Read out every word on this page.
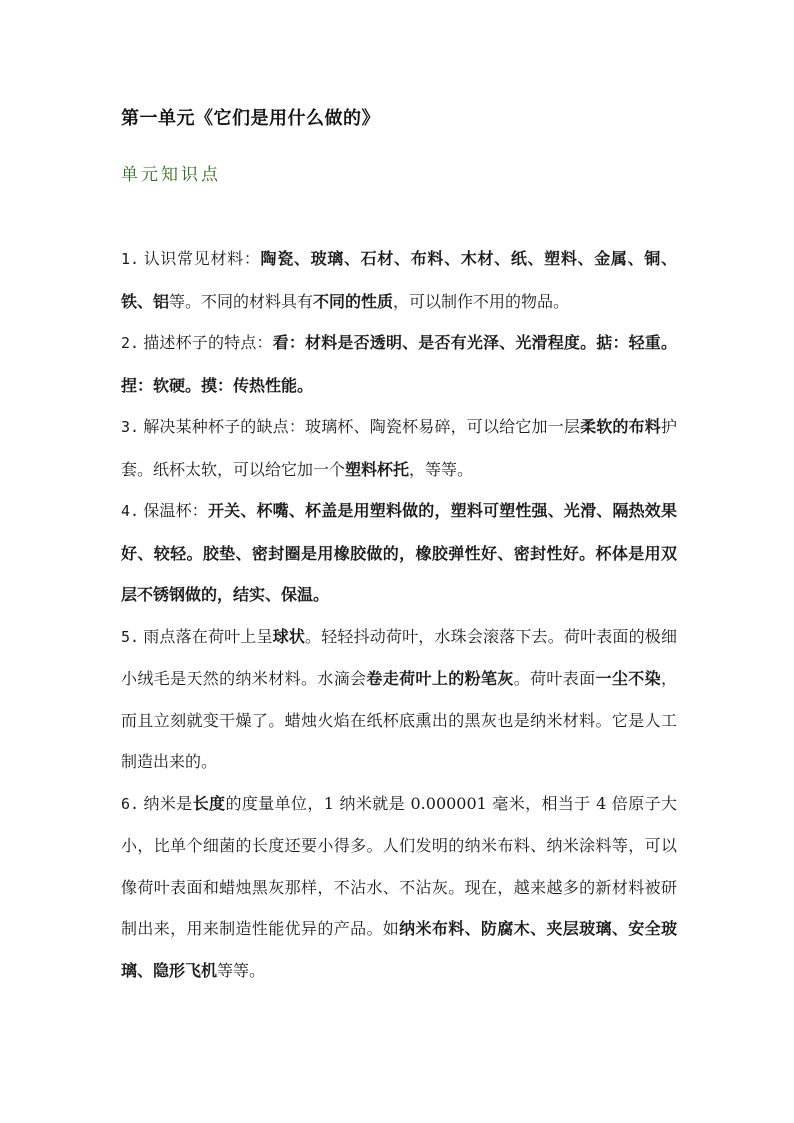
第一单元《它们是用什么做的》
单元知识点

1. 认识常见材料：陶瓷、玻璃、石材、布料、木材、纸、塑料、金属、铜、铁、铝等。不同的材料具有不同的性质，可以制作不用的物品。

2. 描述杯子的特点：看：材料是否透明、是否有光泽、光滑程度。掂：轻重。捏：软硬。摸：传热性能。

3. 解决某种杯子的缺点：玻璃杯、陶瓷杯易碎，可以给它加一层柔软的布料护套。纸杯太软，可以给它加一个塑料杯托，等等。

4. 保温杯：开关、杯嘴、杯盖是用塑料做的，塑料可塑性强、光滑、隔热效果好、较轻。胶垫、密封圈是用橡胶做的，橡胶弹性好、密封性好。杯体是用双层不锈钢做的，结实、保温。

5. 雨点落在荷叶上呈球状。轻轻抖动荷叶，水珠会滚落下去。荷叶表面的极细小绒毛是天然的纳米材料。水滴会卷走荷叶上的粉笔灰。荷叶表面一尘不染，而且立刻就变干燥了。蜡烛火焰在纸杯底熏出的黑灰也是纳米材料。它是人工制造出来的。

6. 纳米是长度的度量单位，1 纳米就是 0.000001 毫米，相当于 4 倍原子大小，比单个细菌的长度还要小得多。人们发明的纳米布料、纳米涂料等，可以像荷叶表面和蜡烛黑灰那样，不沾水、不沾灰。现在，越来越多的新材料被研制出来，用来制造性能优异的产品。如纳米布料、防腐木、夹层玻璃、安全玻璃、隐形飞机等等。
